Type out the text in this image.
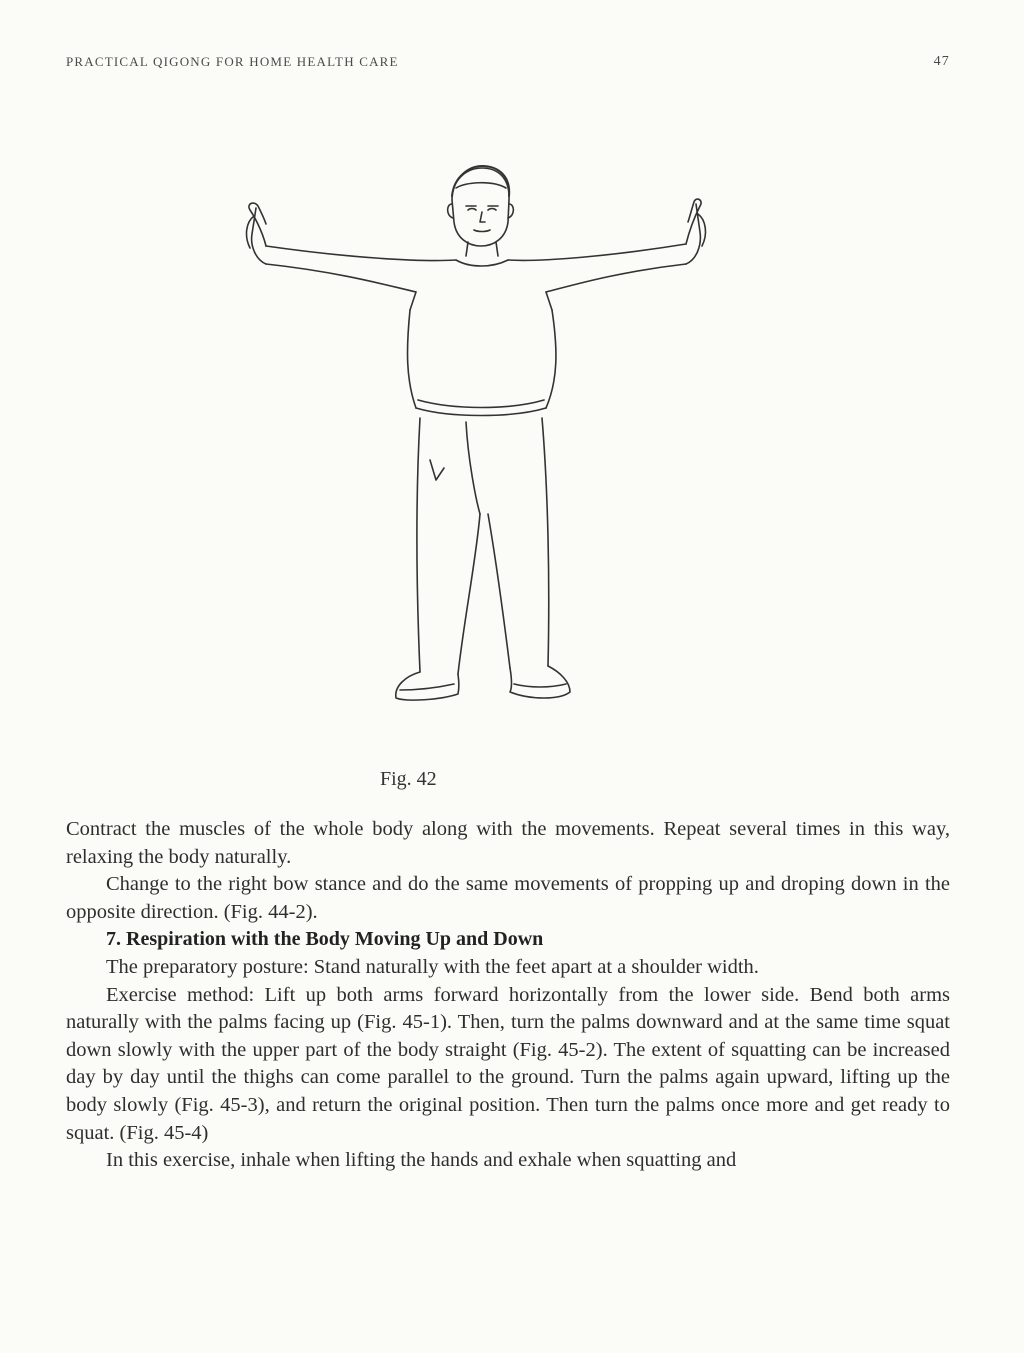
PRACTICAL QIGONG FOR HOME HEALTH CARE	47
Fig. 42

Contract the muscles of the whole body along with the movements. Repeat several times in this way, relaxing the body naturally.

Change to the right bow stance and do the same movements of propping up and droping down in the opposite direction. (Fig. 44-2).

7. Respiration with the Body Moving Up and Down

The preparatory posture: Stand naturally with the feet apart at a shoulder width.

Exercise method: Lift up both arms forward horizontally from the lower side. Bend both arms naturally with the palms facing up (Fig. 45-1). Then, turn the palms downward and at the same time squat down slowly with the upper part of the body straight (Fig. 45-2). The extent of squatting can be increased day by day until the thighs can come parallel to the ground. Turn the palms again upward, lifting up the body slowly (Fig. 45-3), and return the original position. Then turn the palms once more and get ready to squat. (Fig. 45-4)

In this exercise, inhale when lifting the hands and exhale when squatting and
